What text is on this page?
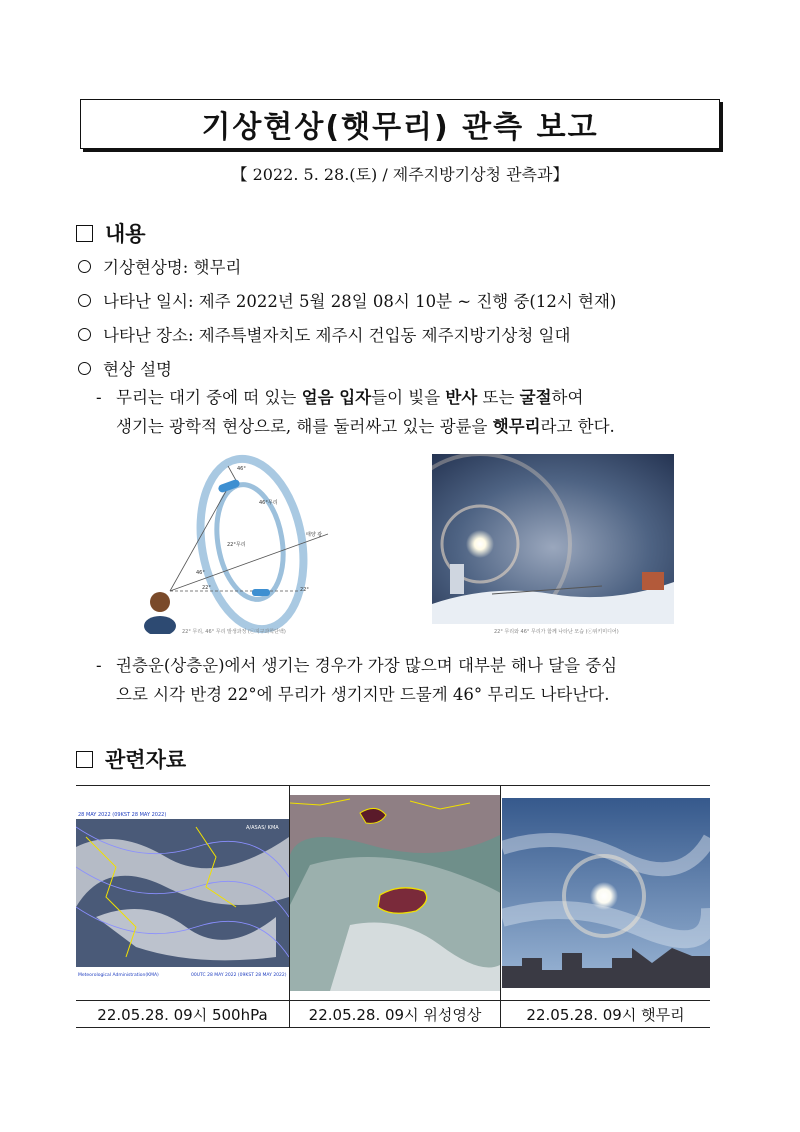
기상현상(햇무리) 관측 보고
【 2022. 5. 28.(토) / 제주지방기상청 관측과】
내용
기상현상명: 햇무리
나타난 일시: 제주 2022년 5월 28일 08시 10분 ~ 진행 중(12시 현재)
나타난 장소: 제주특별자치도 제주시 건입동 제주지방기상청 일대
현상 설명
- 무리는 대기 중에 떠 있는 얼음 입자들이 빛을 반사 또는 굴절하여
생기는 광학적 현상으로, 해를 둘러싸고 있는 광륜을 햇무리라고 한다.
46°
46°무리
22°무리
태양 광
46°
22°	22°
22° 무리, 46° 무리 발생과정 (ⓒ지구과학단백)	22° 무리와 46° 무리가 함께 나타난 모습 (ⓒ위키미디어)
- 권층운(상층운)에서 생기는 경우가 가장 많으며 대부분 해나 달을 중심
으로 시각 반경 22°에 무리가 생기지만 드물게 46° 무리도 나타난다.
관련자료
28 MAY 2022 (09KST 28 MAY 2022)
A/ASAS/ KMA
Meteorological Administration(KMA) 00UTC 28 MAY 2022 (09KST 28 MAY 2022)

22.05.28. 09시 500hPa	22.05.28. 09시 위성영상	22.05.28. 09시 햇무리
